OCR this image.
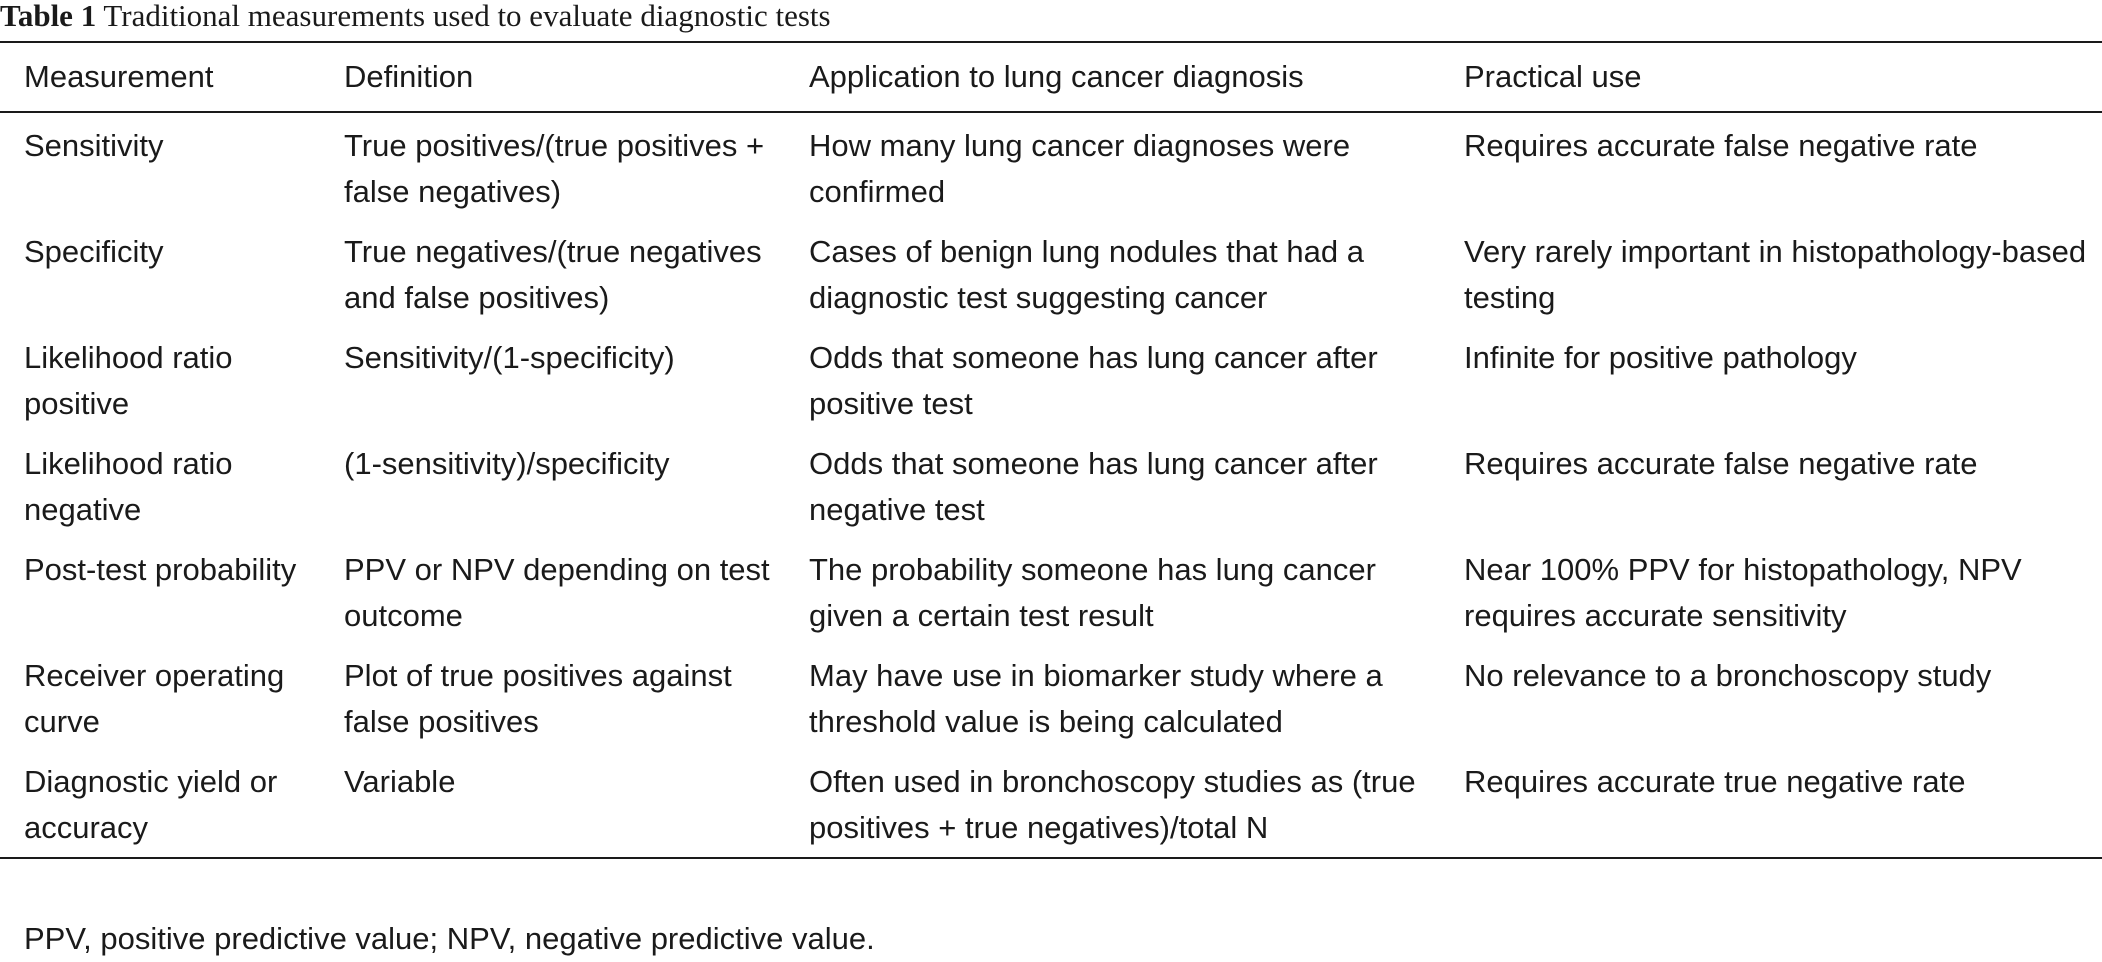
Table 1 Traditional measurements used to evaluate diagnostic tests
Measurement	Definition	Application to lung cancer diagnosis	Practical use
Sensitivity	True positives/(true positives + false negatives)	How many lung cancer diagnoses were confirmed	Requires accurate false negative rate
Specificity	True negatives/(true negatives and false positives)	Cases of benign lung nodules that had a diagnostic test suggesting cancer	Very rarely important in histopathology-based testing
Likelihood ratio positive	Sensitivity/(1-specificity)	Odds that someone has lung cancer after positive test	Infinite for positive pathology
Likelihood ratio negative	(1-sensitivity)/specificity	Odds that someone has lung cancer after negative test	Requires accurate false negative rate
Post-test probability	PPV or NPV depending on test outcome	The probability someone has lung cancer given a certain test result	Near 100% PPV for histopathology, NPV requires accurate sensitivity
Receiver operating curve	Plot of true positives against false positives	May have use in biomarker study where a threshold value is being calculated	No relevance to a bronchoscopy study
Diagnostic yield or accuracy	Variable	Often used in bronchoscopy studies as (true positives + true negatives)/total N	Requires accurate true negative rate
PPV, positive predictive value; NPV, negative predictive value.
